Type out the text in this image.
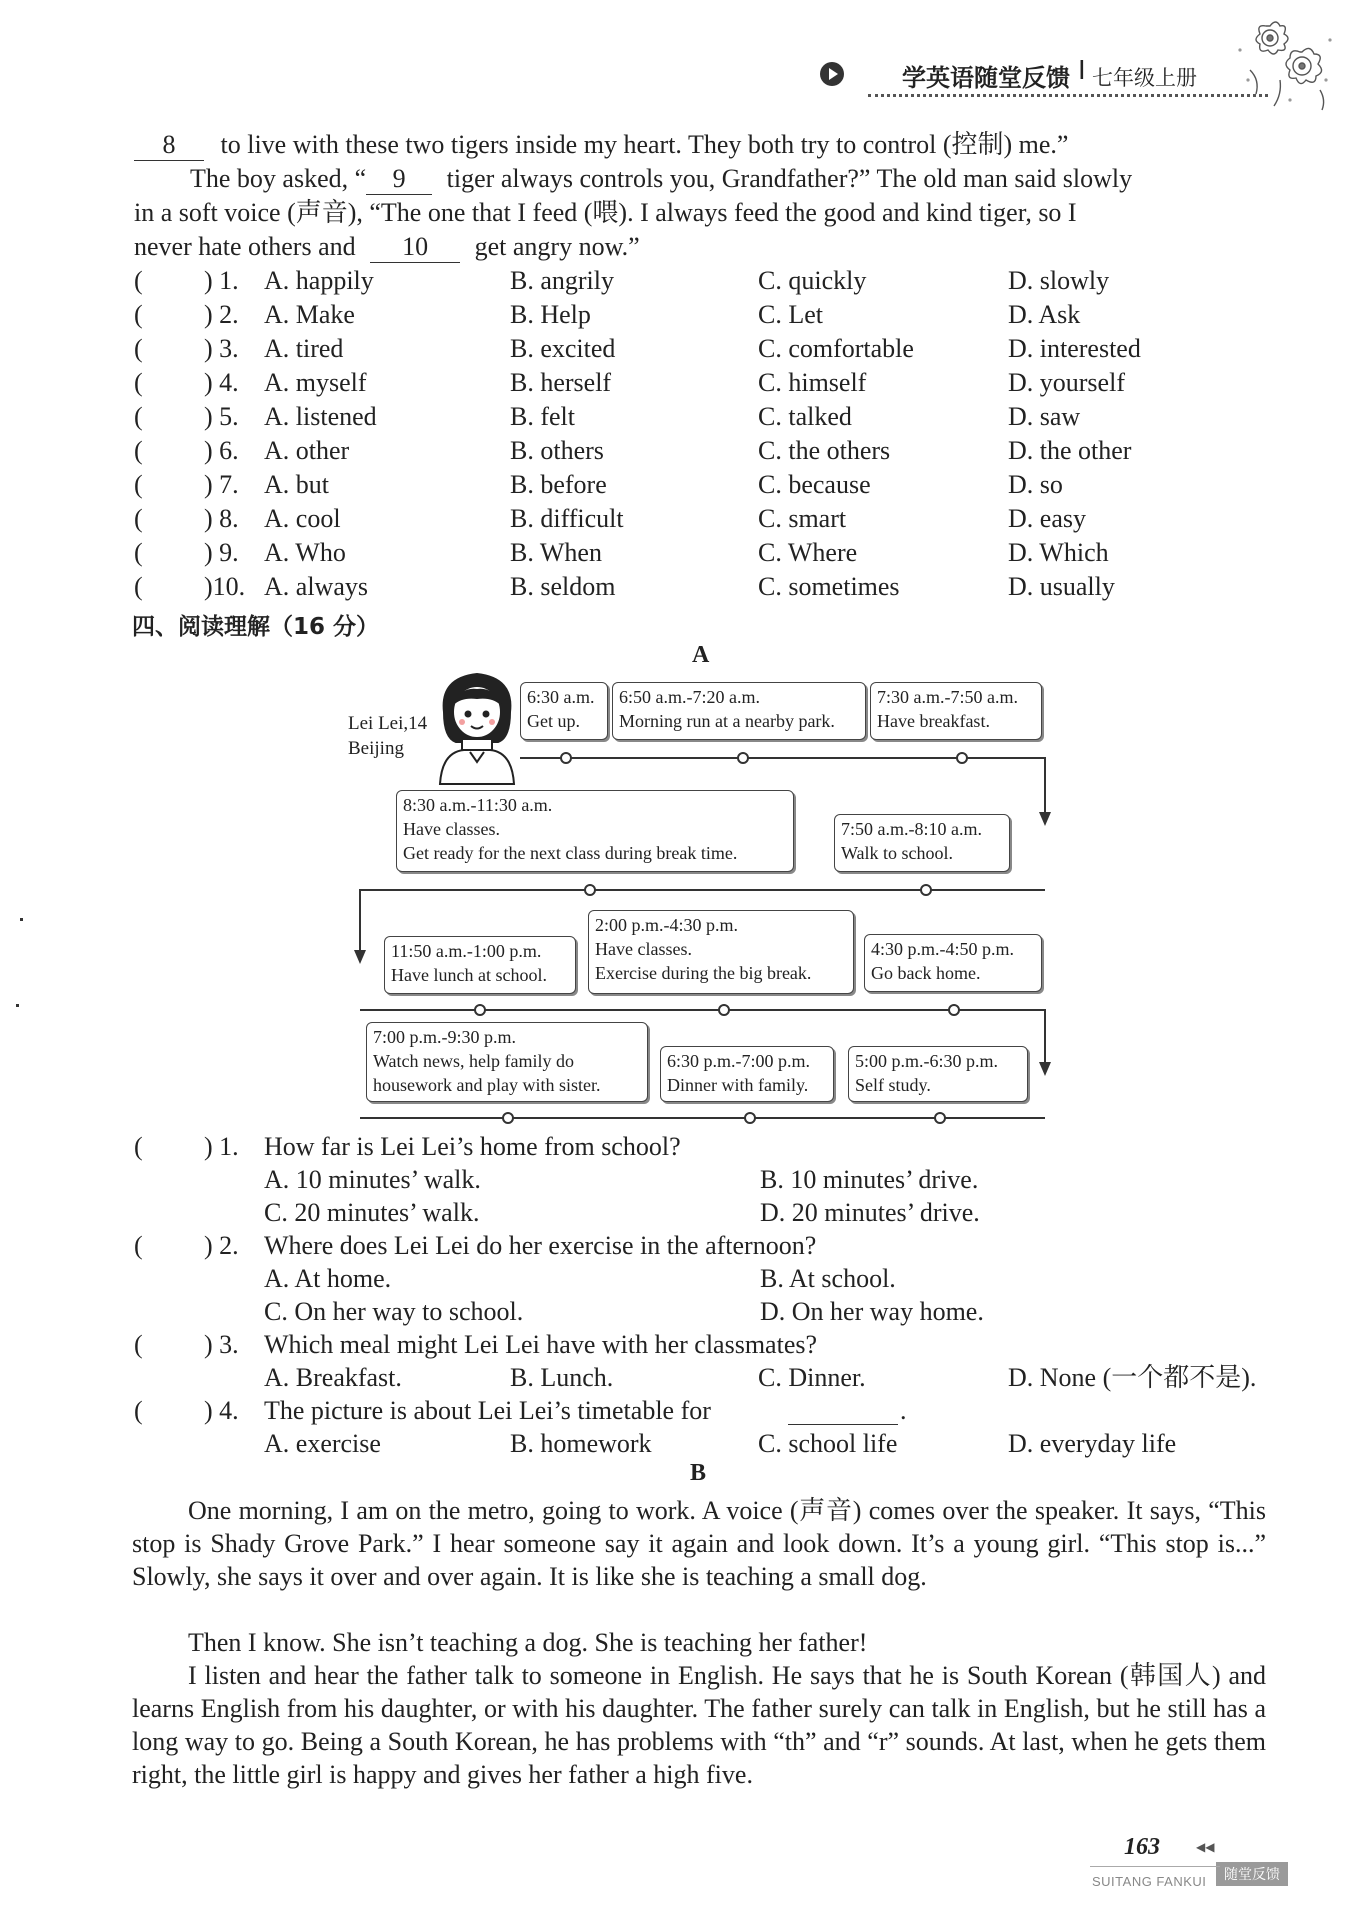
学英语随堂反馈 I 七年级上册
8 to live with these two tigers inside my heart. They both try to control (控制) me.”
The boy asked, “ 9 tiger always controls you, Grandfather?” The old man said slowly
in a soft voice (声音), “The one that I feed (喂). I always feed the good and kind tiger, so I
never hate others and 10 get angry now.”
( ) 1. A. happily	B. angrily	C. quickly	D. slowly
( ) 2. A. Make	B. Help	C. Let	D. Ask
( ) 3. A. tired	B. excited	C. comfortable	D. interested
( ) 4. A. myself	B. herself	C. himself	D. yourself
( ) 5. A. listened	B. felt	C. talked	D. saw
( ) 6. A. other	B. others	C. the others	D. the other
( ) 7. A. but	B. before	C. because	D. so
( ) 8. A. cool	B. difficult	C. smart	D. easy
( ) 9. A. Who	B. When	C. Where	D. Which
( )10. A. always	B. seldom	C. sometimes	D. usually
四、阅读理解（16 分）
A
Lei Lei,14
Beijing
6:30 a.m.
Get up.
6:50 a.m.-7:20 a.m.
Morning run at a nearby park.
7:30 a.m.-7:50 a.m.
Have breakfast.
7:50 a.m.-8:10 a.m.
Walk to school.
8:30 a.m.-11:30 a.m.
Have classes.
Get ready for the next class during break time.
11:50 a.m.-1:00 p.m.
Have lunch at school.
2:00 p.m.-4:30 p.m.
Have classes.
Exercise during the big break.
4:30 p.m.-4:50 p.m.
Go back home.
5:00 p.m.-6:30 p.m.
Self study.
6:30 p.m.-7:00 p.m.
Dinner with family.
7:00 p.m.-9:30 p.m.
Watch news, help family do
housework and play with sister.
( ) 1. How far is Lei Lei’s home from school?
A. 10 minutes’ walk.	B. 10 minutes’ drive.
C. 20 minutes’ walk.	D. 20 minutes’ drive.
( ) 2. Where does Lei Lei do her exercise in the afternoon?
A. At home.	B. At school.
C. On her way to school.	D. On her way home.
( ) 3. Which meal might Lei Lei have with her classmates?
A. Breakfast.	B. Lunch.	C. Dinner.	D. None (一个都不是).
( ) 4. The picture is about Lei Lei’s timetable for	.
A. exercise	B. homework	C. school life	D. everyday life
B
One morning, I am on the metro, going to work. A voice (声音) comes over the speaker. It says, “This stop is Shady Grove Park.” I hear someone say it again and look down. It’s a young girl. “This stop is...” Slowly, she says it over and over again. It is like she is teaching a small dog.
Then I know. She isn’t teaching a dog. She is teaching her father!
I listen and hear the father talk to someone in English. He says that he is South Korean (韩国人) and learns English from his daughter, or with his daughter. The father surely can talk in English, but he still has a long way to go. Being a South Korean, he has problems with “th” and “r” sounds. At last, when he gets them right, the little girl is happy and gives her father a high five.
163	◀◀
SUITANG FANKUI	随堂反馈
